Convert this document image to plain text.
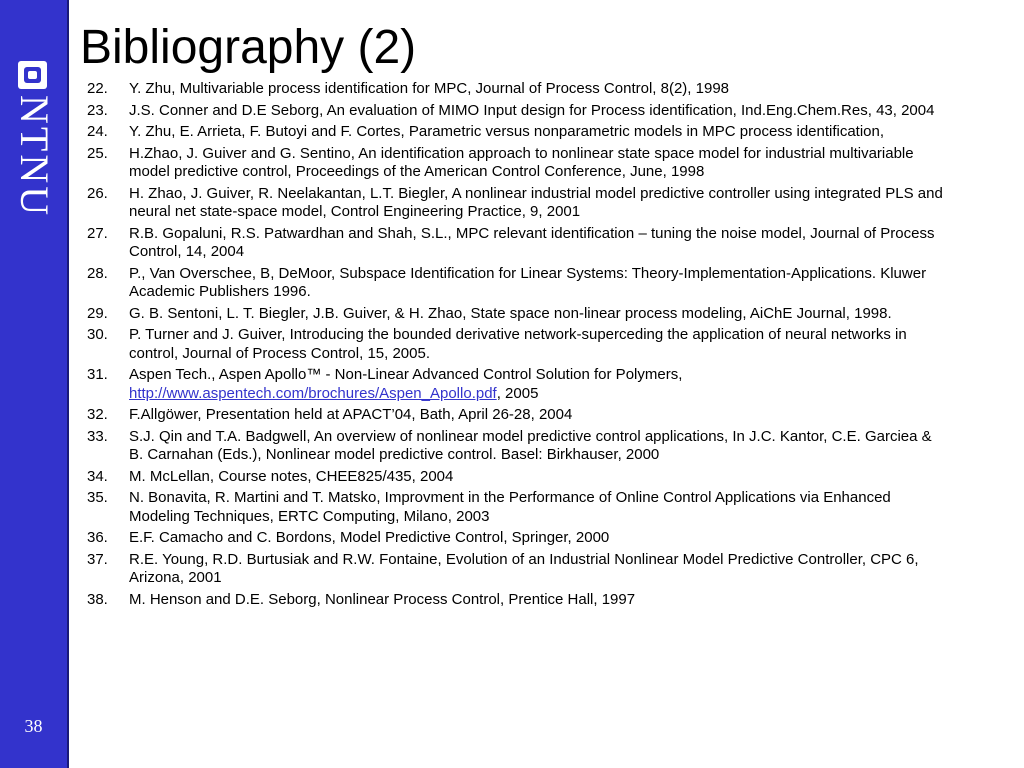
NTNU
38
Bibliography (2)
22.	Y. Zhu, Multivariable process identification for MPC, Journal of Process Control, 8(2), 1998
23.	J.S. Conner and D.E Seborg, An evaluation of MIMO Input design for Process identification, Ind.Eng.Chem.Res, 43, 2004
24.	Y. Zhu, E. Arrieta, F. Butoyi and F. Cortes, Parametric versus nonparametric models in MPC process identification,
25.	H.Zhao, J. Guiver and G. Sentino, An identification approach to nonlinear state space model for industrial multivariable model predictive control, Proceedings of the American Control Conference, June, 1998
26.	H. Zhao, J. Guiver, R. Neelakantan, L.T. Biegler, A nonlinear industrial model predictive controller using integrated PLS and neural net state-space model, Control Engineering Practice, 9, 2001
27.	R.B. Gopaluni, R.S. Patwardhan and Shah, S.L., MPC relevant identification – tuning the noise model, Journal of Process Control, 14, 2004
28.	P., Van Overschee, B, DeMoor, Subspace Identification for Linear Systems: Theory-Implementation-Applications. Kluwer Academic Publishers 1996.
29.	G. B. Sentoni, L. T. Biegler, J.B. Guiver, & H. Zhao, State space non-linear process modeling, AiChE Journal, 1998.
30.	P. Turner and J. Guiver, Introducing the bounded derivative network-superceding the application of neural networks in control, Journal of Process Control, 15, 2005.
31.	Aspen Tech., Aspen Apollo™ - Non-Linear Advanced Control Solution for Polymers, http://www.aspentech.com/brochures/Aspen_Apollo.pdf, 2005
32.	F.Allgöwer, Presentation held at APACT’04, Bath, April 26-28, 2004
33.	S.J. Qin and T.A. Badgwell, An overview of nonlinear model predictive control applications, In J.C. Kantor, C.E. Garciea & B. Carnahan (Eds.), Nonlinear model predictive control. Basel: Birkhauser, 2000
34.	M. McLellan, Course notes, CHEE825/435, 2004
35.	N. Bonavita, R. Martini and T. Matsko, Improvment in the Performance of Online Control Applications via Enhanced Modeling Techniques, ERTC Computing, Milano, 2003
36.	E.F. Camacho and C. Bordons, Model Predictive Control, Springer, 2000
37.	R.E. Young, R.D. Burtusiak and R.W. Fontaine, Evolution of an Industrial Nonlinear Model Predictive Controller, CPC 6, Arizona, 2001
38.	M. Henson and D.E. Seborg, Nonlinear Process Control, Prentice Hall, 1997
